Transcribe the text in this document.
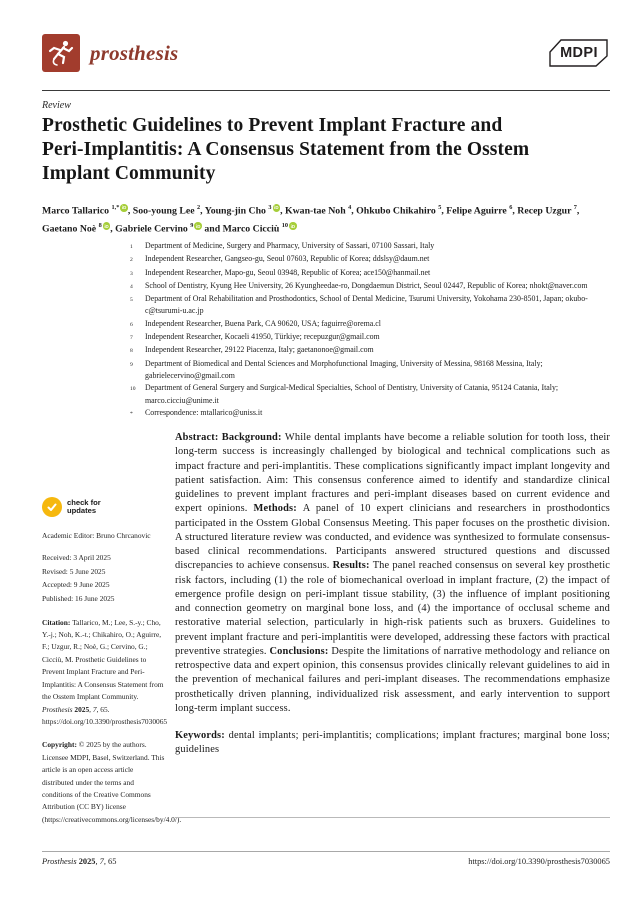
prosthesis	MDPI
Review
Prosthetic Guidelines to Prevent Implant Fracture and
Peri-Implantitis: A Consensus Statement from the Osstem
Implant Community
Marco Tallarico $^{1,*}$ iD , Soo-young Lee $^2$, Young-jin Cho $^3$ iD , Kwan-tae Noh $^4$, Ohkubo Chikahiro $^5$, Felipe Aguirre $^6$, Recep Uzgur $^7$, Gaetano Noè $^8$ iD , Gabriele Cervino $^9$ iD and Marco Cicciù $^{10}$ iD
1	Department of Medicine, Surgery and Pharmacy, University of Sassari, 07100 Sassari, Italy
2	Independent Researcher, Gangseo-gu, Seoul 07603, Republic of Korea; ddslsy@daum.net
3	Independent Researcher, Mapo-gu, Seoul 03948, Republic of Korea; ace150@hanmail.net
4	School of Dentistry, Kyung Hee University, 26 Kyungheedae-ro, Dongdaemun District, Seoul 02447, Republic of Korea; nhokt@naver.com
5	Department of Oral Rehabilitation and Prosthodontics, School of Dental Medicine, Tsurumi University, Yokohama 230-8501, Japan; okubo-c@tsurumi-u.ac.jp
6	Independent Researcher, Buena Park, CA 90620, USA; faguirre@orema.cl
7	Independent Researcher, Kocaeli 41950, Türkiye; recepuzgur@gmail.com
8	Independent Researcher, 29122 Piacenza, Italy; gaetanonoe@gmail.com
9	Department of Biomedical and Dental Sciences and Morphofunctional Imaging, University of Messina, 98168 Messina, Italy; gabrielecervino@gmail.com
10	Department of General Surgery and Surgical-Medical Specialties, School of Dentistry, University of Catania, 95124 Catania, Italy; marco.cicciu@unime.it
*	Correspondence: mtallarico@uniss.it
check for
updates
Academic Editor: Bruno Chrcanovic
Received: 3 April 2025
Revised: 5 June 2025
Accepted: 9 June 2025
Published: 16 June 2025
Citation: Tallarico, M.; Lee, S.-y.; Cho, Y.-j.; Noh, K.-t.; Chikahiro, O.; Aguirre, F.; Uzgur, R.; Noè, G.; Cervino, G.; Cicciù, M. Prosthetic Guidelines to Prevent Implant Fracture and Peri-Implantitis: A Consensus Statement from the Osstem Implant Community. Prosthesis 2025, 7, 65. https://doi.org/10.3390/prosthesis7030065
Copyright: © 2025 by the authors. Licensee MDPI, Basel, Switzerland. This article is an open access article distributed under the terms and conditions of the Creative Commons Attribution (CC BY) license (https://creativecommons.org/licenses/by/4.0/).
Abstract: Background: While dental implants have become a reliable solution for tooth loss, their long-term success is increasingly challenged by biological and technical complications such as impact fracture and peri-implantitis. These complications significantly impact implant longevity and patient satisfaction. Aim: This consensus conference aimed to identify and standardize clinical guidelines to prevent implant fractures and peri-implant diseases based on current evidence and expert opinions. Methods: A panel of 10 expert clinicians and researchers in prosthodontics participated in the Osstem Global Consensus Meeting. This paper focuses on the prosthetic division. A structured literature review was conducted, and evidence was synthesized to formulate consensus-based clinical recommendations. Participants answered structured questions and discussed discrepancies to achieve consensus. Results: The panel reached consensus on several key prosthetic risk factors, including (1) the role of biomechanical overload in implant fracture, (2) the impact of emergence profile design on peri-implant tissue stability, (3) the influence of implant positioning and connection geometry on marginal bone loss, and (4) the importance of occlusal scheme and restorative material selection, particularly in high-risk patients such as bruxers. Guidelines to prevent implant fracture and peri-implantitis were developed, addressing these factors with practical preventive strategies. Conclusions: Despite the limitations of narrative methodology and reliance on retrospective data and expert opinion, this consensus provides clinically relevant guidelines to aid in the prevention of mechanical failures and peri-implant diseases. The recommendations emphasize prosthetically driven planning, individualized risk assessment, and early intervention to support long-term implant success.
Keywords: dental implants; peri-implantitis; complications; implant fractures; marginal bone loss; guidelines
Prosthesis 2025, 7, 65	https://doi.org/10.3390/prosthesis7030065
